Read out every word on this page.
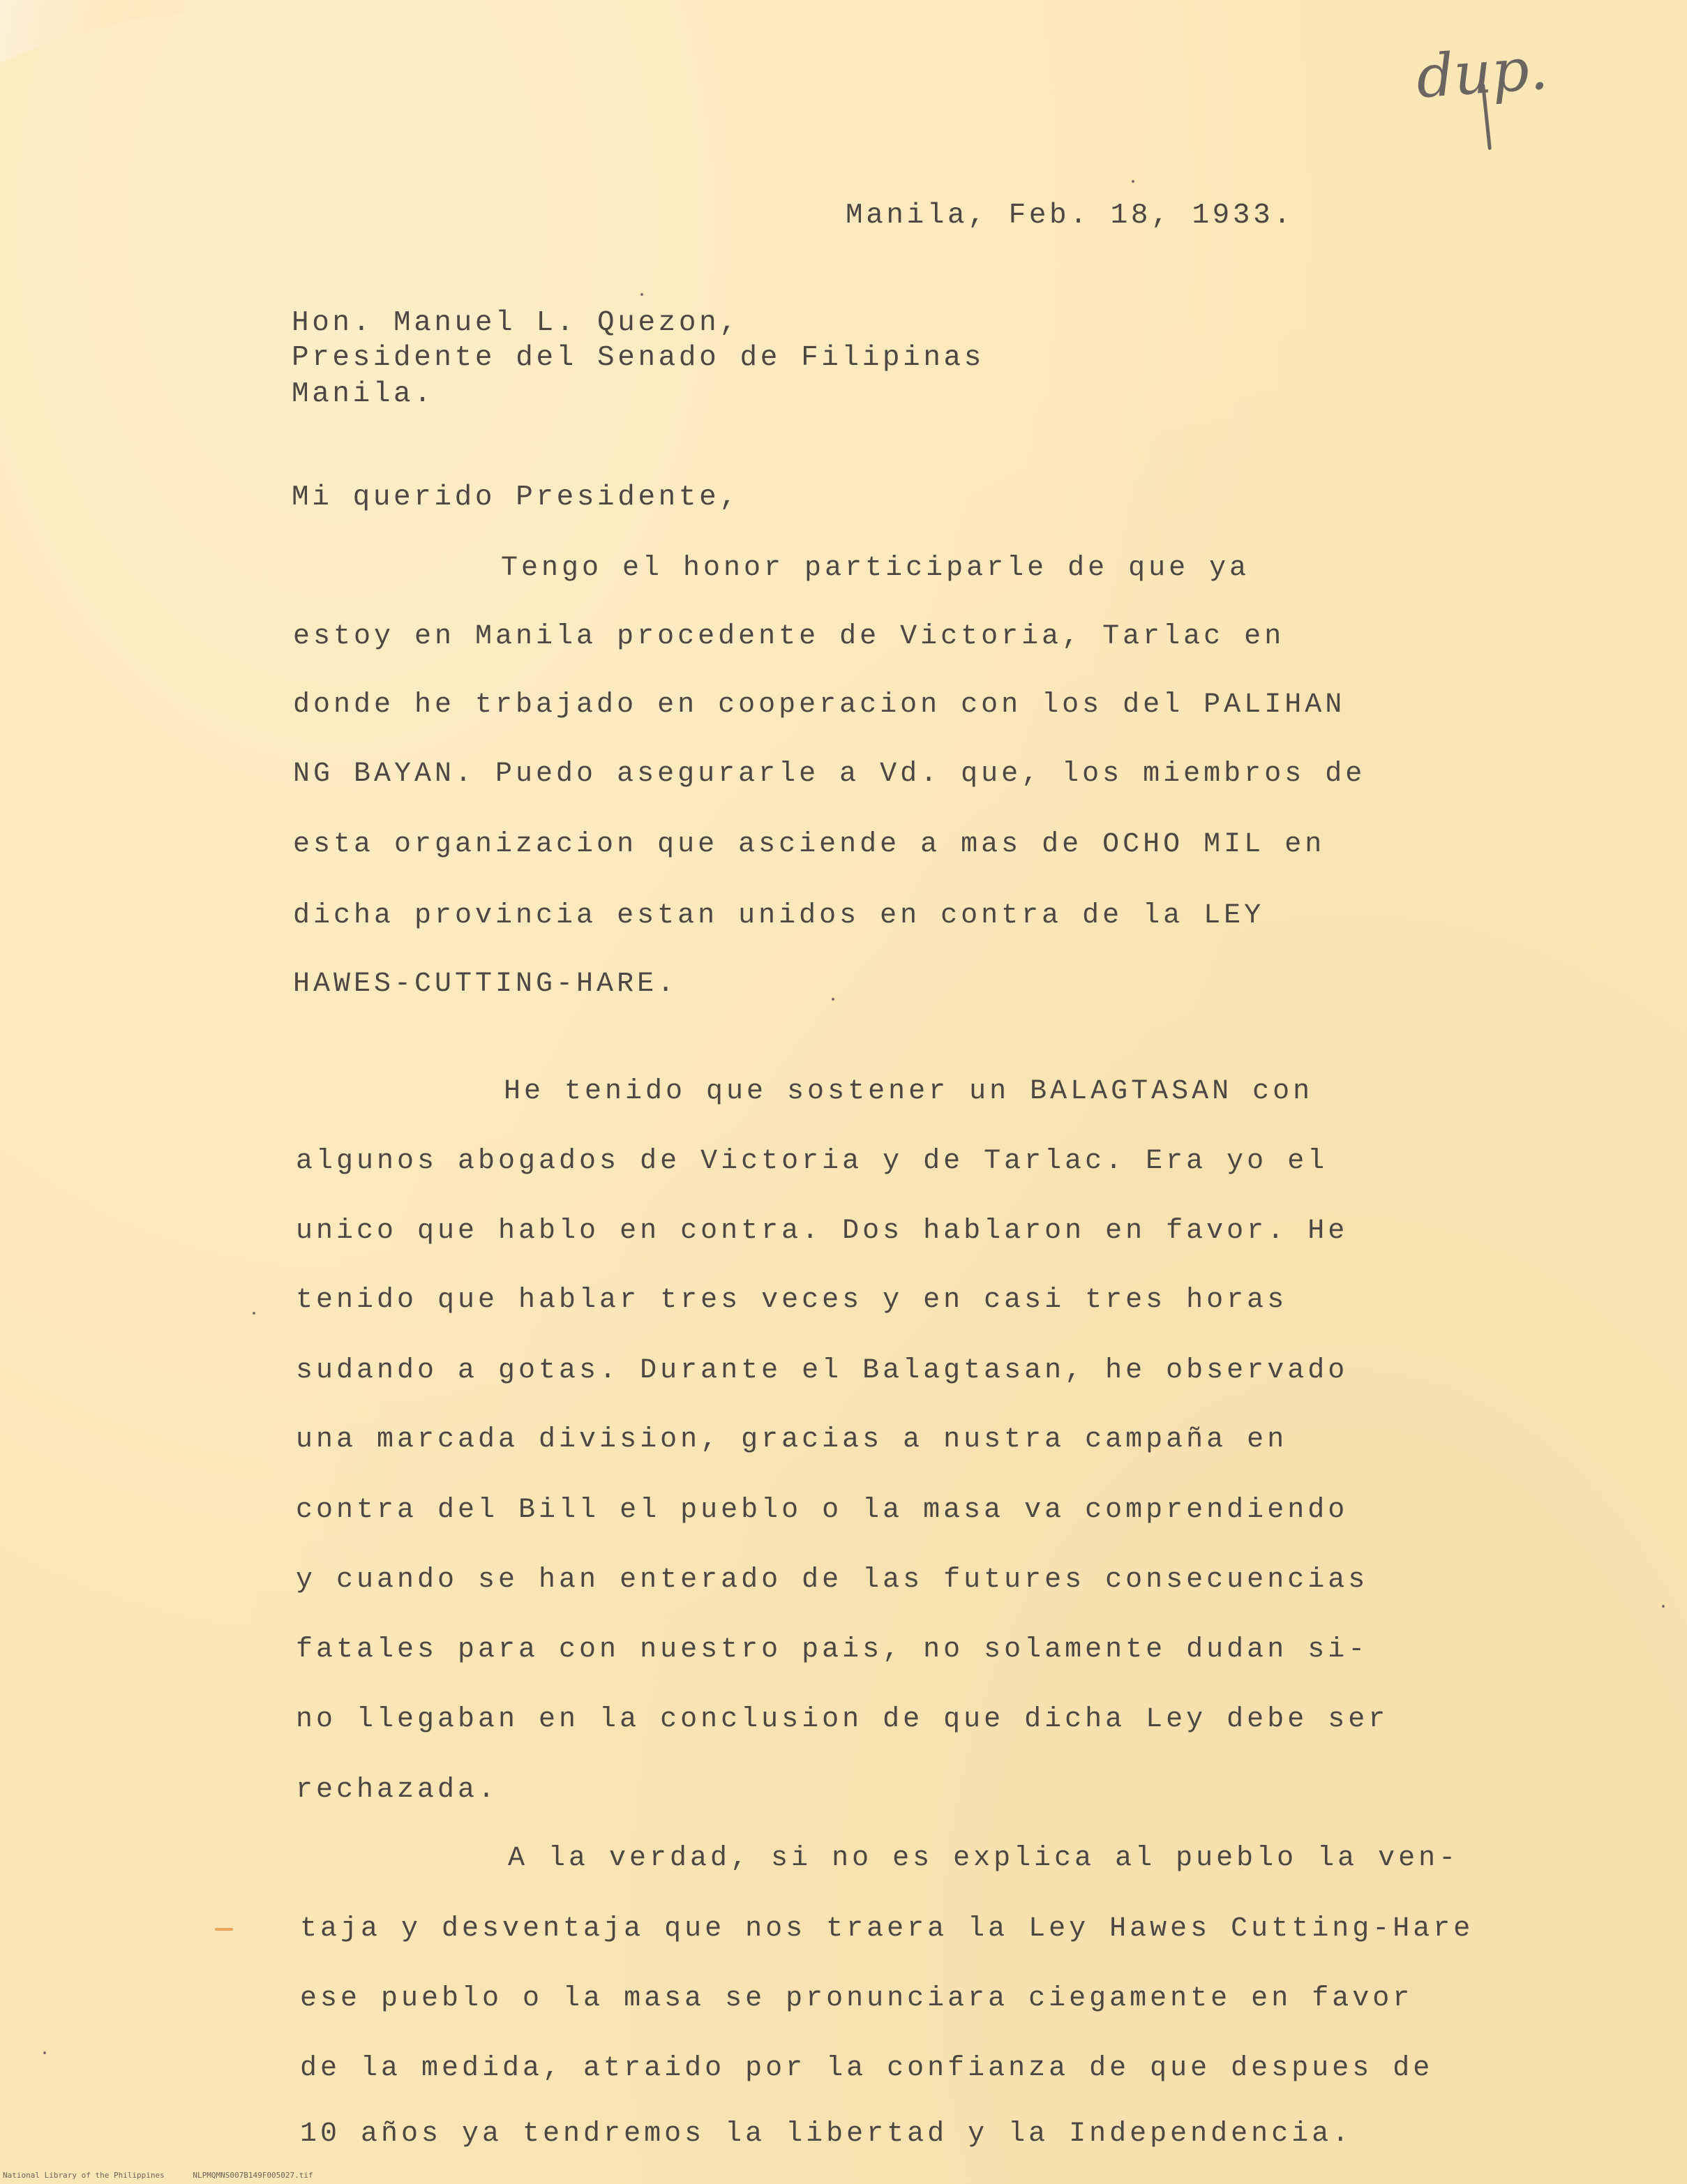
dup.
Manila, Feb. 18, 1933.
Hon. Manuel L. Quezon,
Presidente del Senado de Filipinas
Manila.
Mi querido Presidente,
Tengo el honor participarle de que ya
estoy en Manila procedente de Victoria, Tarlac en
donde he trbajado en cooperacion con los del PALIHAN
NG BAYAN. Puedo asegurarle a Vd. que, los miembros de
esta organizacion que asciende a mas de OCHO MIL en
dicha provincia estan unidos en contra de la LEY
HAWES-CUTTING-HARE.
He tenido que sostener un BALAGTASAN con
algunos abogados de Victoria y de Tarlac. Era yo el
unico que hablo en contra. Dos hablaron en favor. He
tenido que hablar tres veces y en casi tres horas
sudando a gotas. Durante el Balagtasan, he observado
una marcada division, gracias a nustra campaña en
contra del Bill el pueblo o la masa va comprendiendo
y cuando se han enterado de las futures consecuencias
fatales para con nuestro pais, no solamente dudan si-
no llegaban en la conclusion de que dicha Ley debe ser
rechazada.
A la verdad, si no es explica al pueblo la ven-
taja y desventaja que nos traera la Ley Hawes Cutting-Hare
ese pueblo o la masa se pronunciara ciegamente en favor
de la medida, atraido por la confianza de que despues de
10 años ya tendremos la libertad y la Independencia.
National Library of the Philippines	NLPMQMNS007B149F005027.tif
